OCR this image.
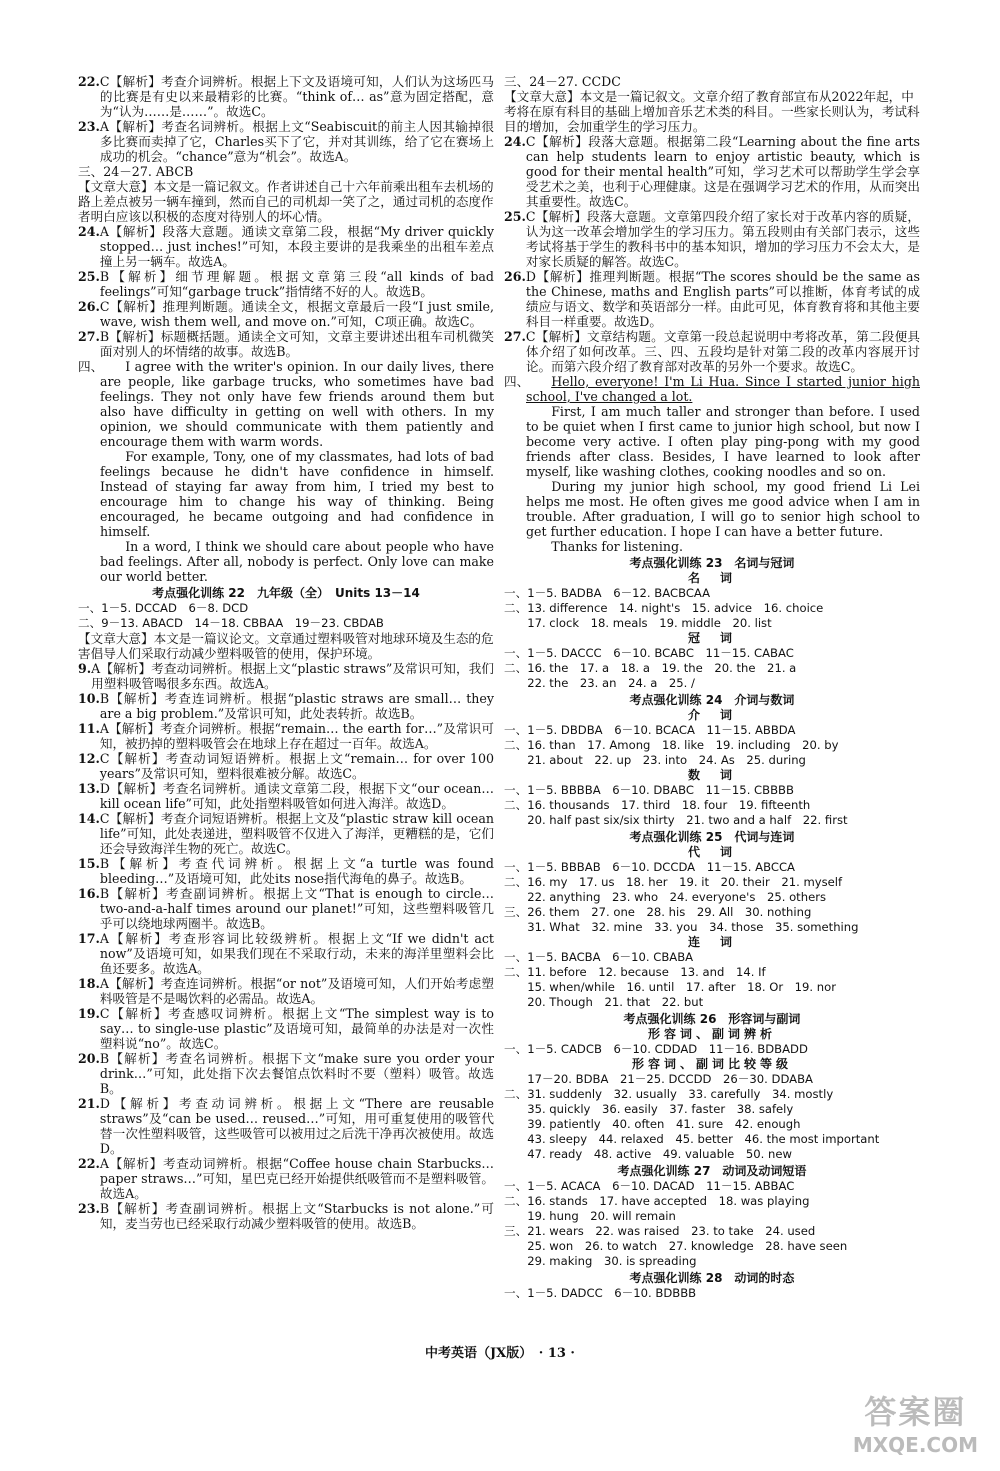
22. C【解析】考查介词辨析。根据上下文及语境可知，人们认为这场匹马的比赛是有史以来最精彩的比赛。“think of… as”意为固定搭配，意为“认为……是……”。故选C。
23. A【解析】考查名词辨析。根据上文“Seabiscuit的前主人因其输掉很多比赛而卖掉了它，Charles买下了它，并对其训练，给了它在赛场上成功的机会。“chance”意为“机会”。故选A。

三、24－27. ABCB

【文章大意】本文是一篇记叙文。作者讲述自己十六年前乘出租车去机场的路上差点被另一辆车撞到，然而自己的司机却一笑了之，通过司机的态度作者明白应该以积极的态度对待别人的坏心情。

24. A【解析】段落大意题。通读文章第二段，根据“My driver quickly stopped… just inches!”可知，本段主要讲的是我乘坐的出租车差点撞上另一辆车。故选A。
25. B【解析】细节理解题。根据文章第三段“all kinds of bad feelings”可知“garbage truck”指情绪不好的人。故选B。
26. C【解析】推理判断题。通读全文，根据文章最后一段“I just smile, wave, wish them well, and move on.”可知，C项正确。故选C。
27. B【解析】标题概括题。通读全文可知，文章主要讲述出租车司机微笑面对别人的坏情绪的故事。故选B。
四、	I agree with the writer's opinion. In our daily lives, there are people, like garbage trucks, who sometimes have bad feelings. They not only have few friends around them but also have difficulty in getting on well with others. In my opinion, we should communicate with them patiently and encourage them with warm words.

For example, Tony, one of my classmates, had lots of bad feelings because he didn't have confidence in himself. Instead of staying far away from him, I tried my best to encourage him to change his way of thinking. Being encouraged, he became outgoing and had confidence in himself.

In a word, I think we should care about people who have bad feelings. After all, nobody is perfect. Only love can make our world better.

考点强化训练 22　九年级（全）　Units 13－14
一、1－5. DCCAD　6－8. DCD
二、9－13. ABACD　14－18. CBBAA　19－23. CBDAB

【文章大意】本文是一篇议论文。文章通过塑料吸管对地球环境及生态的危害倡导人们采取行动减少塑料吸管的使用，保护环境。

9. A【解析】考查动词辨析。根据上文“plastic straws”及常识可知，我们用塑料吸管喝很多东西。故选A。
10. B【解析】考查连词辨析。根据“plastic straws are small… they are a big problem.”及常识可知，此处表转折。故选B。
11. A【解析】考查介词辨析。根据“remain… the earth for…”及常识可知，被扔掉的塑料吸管会在地球上存在超过一百年。故选A。
12. C【解析】考查动词短语辨析。根据上文“remain… for over 100 years”及常识可知，塑料很难被分解。故选C。
13. D【解析】考查名词辨析。通读文章第二段，根据下文“our ocean… kill ocean life”可知，此处指塑料吸管如何进入海洋。故选D。
14. C【解析】考查介词短语辨析。根据上文及“plastic straw kill ocean life”可知，此处表递进，塑料吸管不仅进入了海洋，更糟糕的是，它们还会导致海洋生物的死亡。故选C。
15. B【解析】考查代词辨析。根据上文“a turtle was found bleeding…”及语境可知，此处its nose指代海龟的鼻子。故选B。
16. B【解析】考查副词辨析。根据上文“That is enough to circle… two-and-a-half times around our planet!”可知，这些塑料吸管几乎可以绕地球两圈半。故选B。
17. A【解析】考查形容词比较级辨析。根据上文“If we didn't act now”及语境可知，如果我们现在不采取行动，未来的海洋里塑料会比鱼还要多。故选A。
18. A【解析】考查连词辨析。根据“or not”及语境可知，人们开始考虑塑料吸管是不是喝饮料的必需品。故选A。
19. C【解析】考查感叹词辨析。根据上文“The simplest way is to say… to single-use plastic”及语境可知，最简单的办法是对一次性塑料说“no”。故选C。
20. B【解析】考查名词辨析。根据下文“make sure you order your drink…”可知，此处指下次去餐馆点饮料时不要（塑料）吸管。故选B。
21. D【解析】考查动词辨析。根据上文“There are reusable straws”及“can be used… reused…”可知，用可重复使用的吸管代替一次性塑料吸管，这些吸管可以被用过之后洗干净再次被使用。故选D。
22. A【解析】考查动词辨析。根据“Coffee house chain Starbucks… paper straws…”可知，星巴克已经开始提供纸吸管而不是塑料吸管。故选A。
23. B【解析】考查副词辨析。根据上文“Starbucks is not alone.”可知，麦当劳也已经采取行动减少塑料吸管的使用。故选B。

三、24－27. CCDC

【文章大意】本文是一篇记叙文。文章介绍了教育部宣布从2022年起，中考将在原有科目的基础上增加音乐艺术类的科目。一些家长则认为，考试科目的增加，会加重学生的学习压力。

24. C【解析】段落大意题。根据第二段“Learning about the fine arts can help students learn to enjoy artistic beauty, which is good for their mental health”可知，学习艺术可以帮助学生学会享受艺术之美，也利于心理健康。这是在强调学习艺术的作用，从而突出其重要性。故选C。
25. C【解析】段落大意题。文章第四段介绍了家长对于改革内容的质疑，认为这一改革会增加学生的学习压力。第五段则由有关部门表示，这些考试将基于学生的教科书中的基本知识，增加的学习压力不会太大，是对家长质疑的解答。故选C。
26. D【解析】推理判断题。根据“The scores should be the same as the Chinese, maths and English parts”可以推断，体育考试的成绩应与语文、数学和英语部分一样。由此可见，体育教育将和其他主要科目一样重要。故选D。
27. C【解析】文章结构题。文章第一段总起说明中考将改革，第二段便具体介绍了如何改革。三、四、五段均是针对第二段的改革内容展开讨论。而第六段介绍了教育部对改革的另外一个要求。故选C。
四、	Hello, everyone! I'm Li Hua. Since I started junior high school, I've changed a lot.

First, I am much taller and stronger than before. I used to be quiet when I first came to junior high school, but now I become very active. I often play ping-pong with my good friends after class. Besides, I have learned to look after myself, like washing clothes, cooking noodles and so on.

During my junior high school, my good friend Li Lei helps me most. He often gives me good advice when I am in trouble. After graduation, I will go to senior high school to get further education. I hope I can have a better future.

Thanks for listening.

考点强化训练 23　名词与冠词
名　词
一、1－5. BADBA　6－12. BACBCAA
二、13. difference　14. night's　15. advice　16. choice
　　17. clock　18. meals　19. middle　20. list
冠　词
一、1－5. DACCC　6－10. BCABC　11－15. CABAC
二、16. the　17. a　18. a　19. the　20. the　21. a
　　22. the　23. an　24. a　25. /
考点强化训练 24　介词与数词
介　词
一、1－5. DBDBA　6－10. BCACA　11－15. ABBDA
二、16. than　17. Among　18. like　19. including　20. by
　　21. about　22. up　23. into　24. As　25. during
数　词
一、1－5. BBBBA　6－10. DBABC　11－15. CBBBB
二、16. thousands　17. third　18. four　19. fifteenth
　　20. half past six/six thirty　21. two and a half　22. first
考点强化训练 25　代词与连词
代　词
一、1－5. BBBAB　6－10. DCCDA　11－15. ABCCA
二、16. my　17. us　18. her　19. it　20. their　21. myself
　　22. anything　23. who　24. everyone's　25. others
三、26. them　27. one　28. his　29. All　30. nothing
　　31. What　32. mine　33. you　34. those　35. something
连　词
一、1－5. BACBA　6－10. CBABA
二、11. before　12. because　13. and　14. If
　　15. when/while　16. until　17. after　18. Or　19. nor
　　20. Though　21. that　22. but
考点强化训练 26　形容词与副词
形容词、副词辨析
一、1－5. CADCB　6－10. CDDAD　11－16. BDBADD
形容词、副词比较等级
　　17－20. BDBA　21－25. DCCDD　26－30. DDABA
二、31. suddenly　32. usually　33. carefully　34. mostly
　　35. quickly　36. easily　37. faster　38. safely
　　39. patiently　40. often　41. sure　42. enough
　　43. sleepy　44. relaxed　45. better　46. the most important
　　47. ready　48. active　49. valuable　50. new
考点强化训练 27　动词及动词短语
一、1－5. ACACA　6－10. DACAD　11－15. ABBAC
二、16. stands　17. have accepted　18. was playing
　　19. hung　20. will remain
三、21. wears　22. was raised　23. to take　24. used
　　25. won　26. to watch　27. knowledge　28. have seen
　　29. making　30. is spreading
考点强化训练 28　动词的时态
一、1－5. DADCC　6－10. BDBBB
中考英语（JX版）　· 13 ·
答案圈
MXQE.COM
